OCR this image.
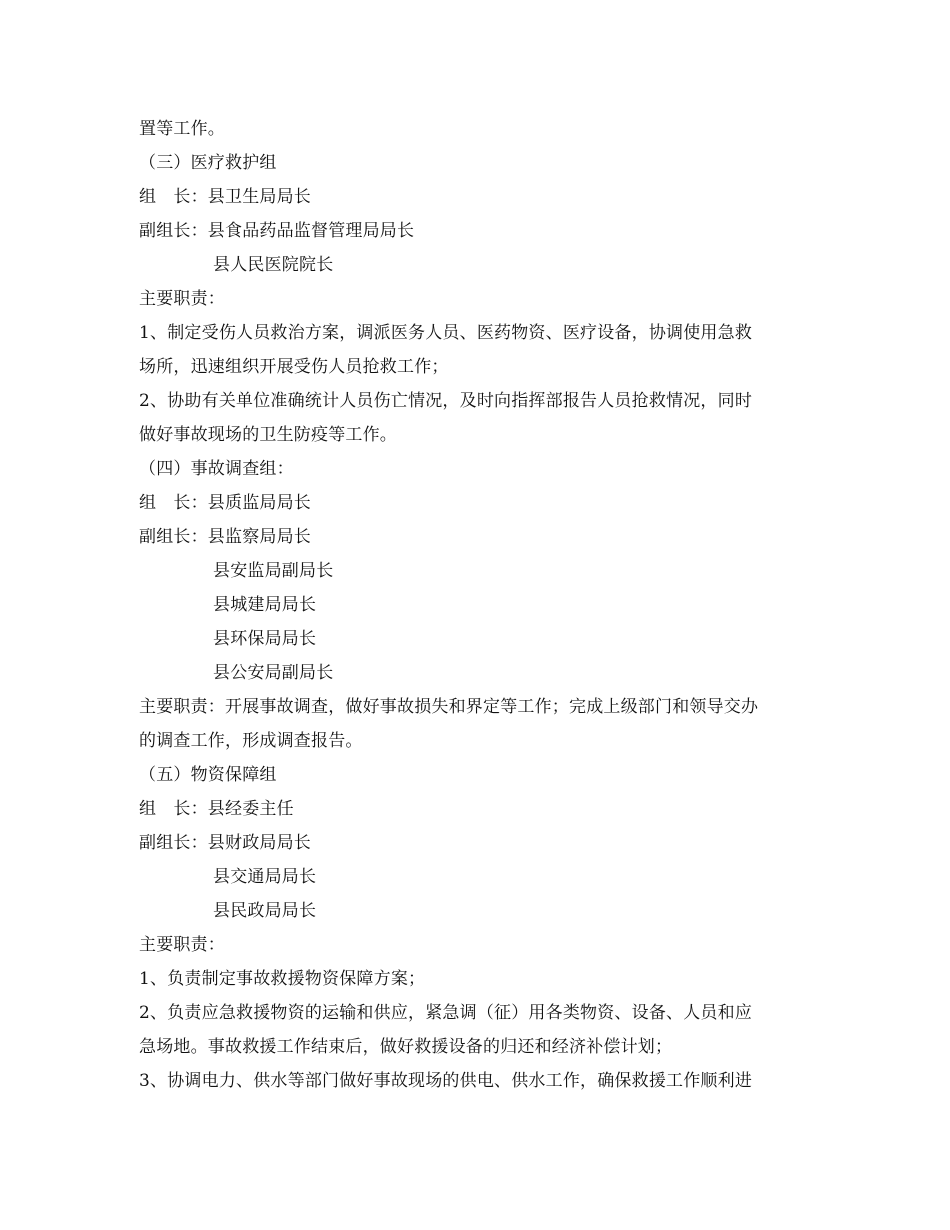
置等工作。
（三）医疗救护组
组　长：县卫生局局长
副组长：县食品药品监督管理局局长
县人民医院院长
主要职责：
1、制定受伤人员救治方案，调派医务人员、医药物资、医疗设备，协调使用急救
场所，迅速组织开展受伤人员抢救工作；
2、协助有关单位准确统计人员伤亡情况，及时向指挥部报告人员抢救情况，同时
做好事故现场的卫生防疫等工作。
（四）事故调查组：
组　长：县质监局局长
副组长：县监察局局长
县安监局副局长
县城建局局长
县环保局局长
县公安局副局长
主要职责：开展事故调查，做好事故损失和界定等工作；完成上级部门和领导交办
的调查工作，形成调查报告。
（五）物资保障组
组　长：县经委主任
副组长：县财政局局长
县交通局局长
县民政局局长
主要职责：
1、负责制定事故救援物资保障方案；
2、负责应急救援物资的运输和供应，紧急调（征）用各类物资、设备、人员和应
急场地。事故救援工作结束后，做好救援设备的归还和经济补偿计划；
3、协调电力、供水等部门做好事故现场的供电、供水工作，确保救援工作顺利进
